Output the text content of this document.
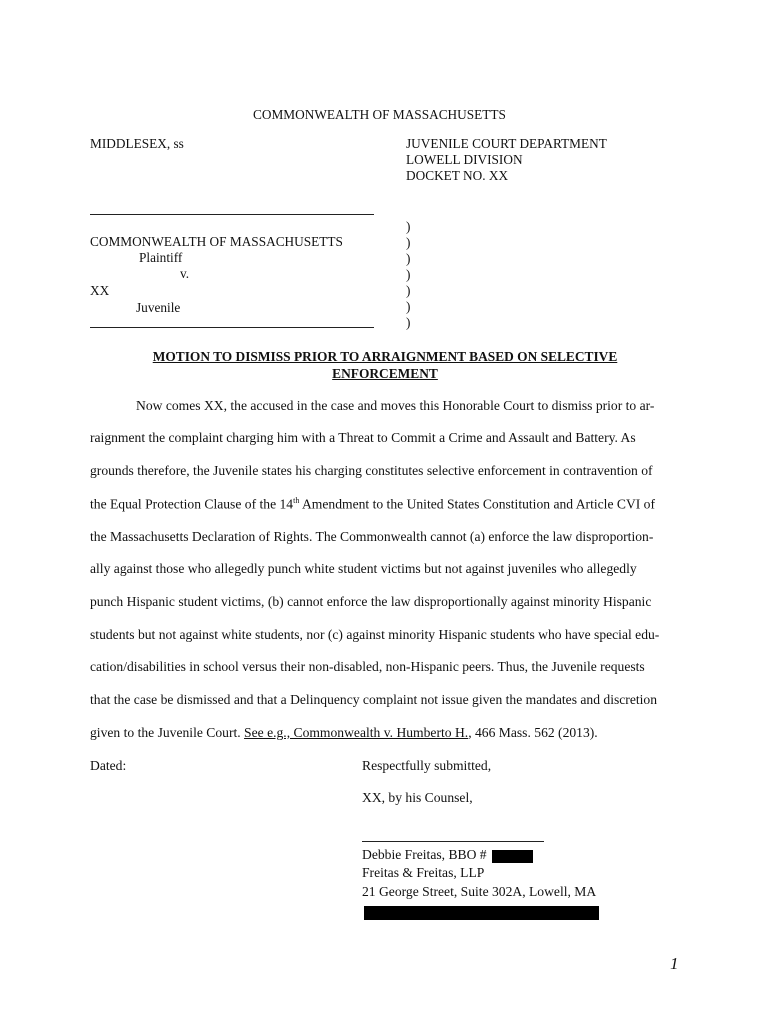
COMMONWEALTH OF MASSACHUSETTS
MIDDLESEX, ss	JUVENILE COURT DEPARTMENT
LOWELL DIVISION
DOCKET NO. XX
COMMONWEALTH OF MASSACHUSETTS
Plaintiff
v.
XX
Juvenile
)
)
)
)
)
)
)
MOTION TO DISMISS PRIOR TO ARRAIGNMENT BASED ON SELECTIVE
ENFORCEMENT
Now comes XX, the accused in the case and moves this Honorable Court to dismiss prior to ar-
raignment the complaint charging him with a Threat to Commit a Crime and Assault and Battery. As
grounds therefore, the Juvenile states his charging constitutes selective enforcement in contravention of
the Equal Protection Clause of the 14th Amendment to the United States Constitution and Article CVI of
the Massachusetts Declaration of Rights. The Commonwealth cannot (a) enforce the law disproportion-
ally against those who allegedly punch white student victims but not against juveniles who allegedly
punch Hispanic student victims, (b) cannot enforce the law disproportionally against minority Hispanic
students but not against white students, nor (c) against minority Hispanic students who have special edu-
cation/disabilities in school versus their non-disabled, non-Hispanic peers. Thus, the Juvenile requests
that the case be dismissed and that a Delinquency complaint not issue given the mandates and discretion
given to the Juvenile Court. See e.g., Commonwealth v. Humberto H., 466 Mass. 562 (2013).
Dated:	Respectfully submitted,
XX, by his Counsel,
Debbie Freitas, BBO #
Freitas & Freitas, LLP
21 George Street, Suite 302A, Lowell, MA
1
